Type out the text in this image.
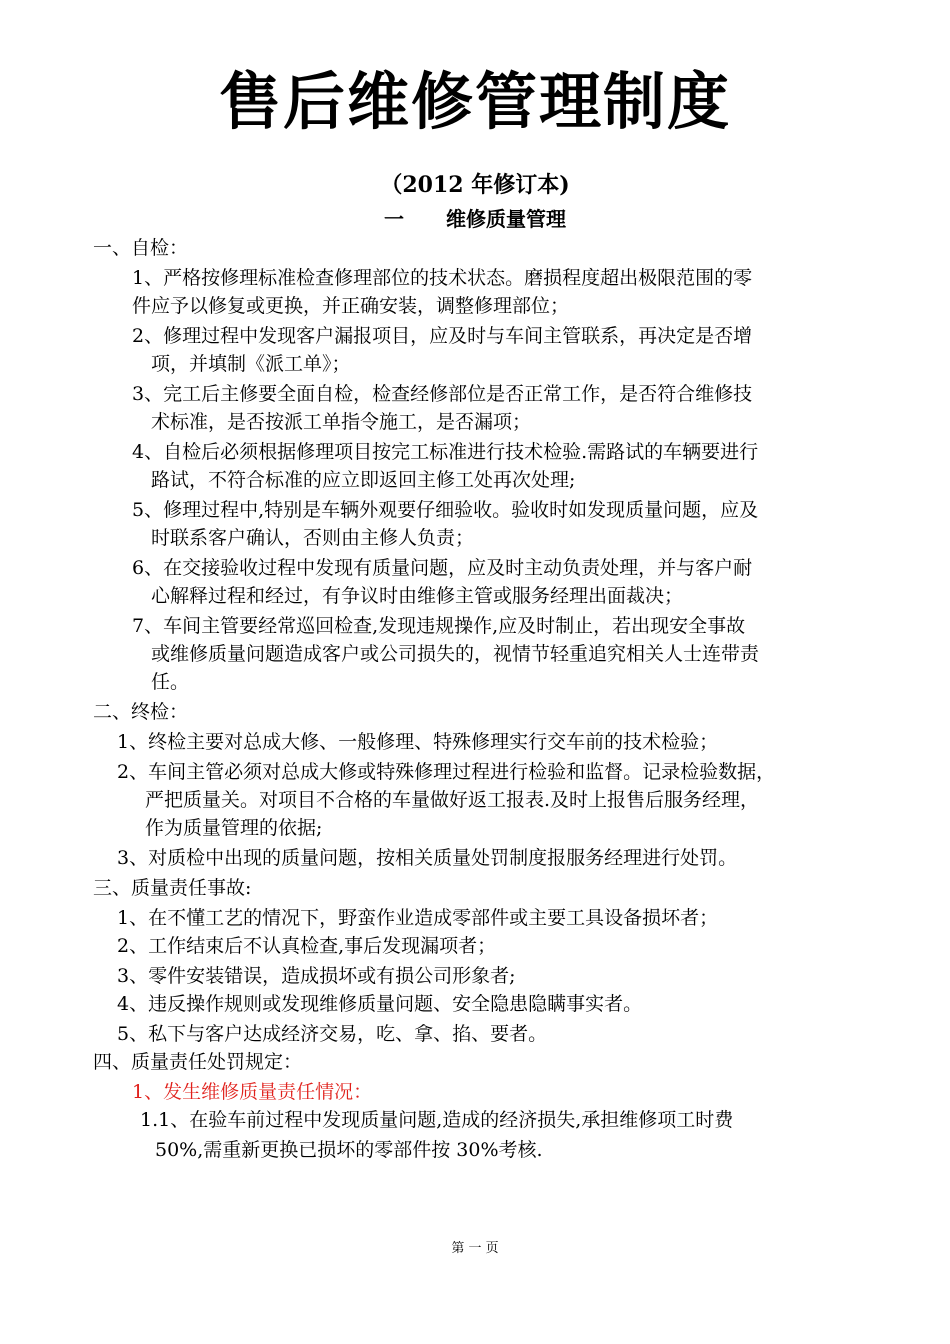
售后维修管理制度
（2012 年修订本)
一 维修质量管理
一、自检：
1、严格按修理标准检查修理部位的技术状态。磨损程度超出极限范围的零
件应予以修复或更换，并正确安装，调整修理部位；
2、修理过程中发现客户漏报项目，应及时与车间主管联系，再决定是否增
项，并填制《派工单》；
3、完工后主修要全面自检，检查经修部位是否正常工作，是否符合维修技
术标准，是否按派工单指令施工，是否漏项；
4、自检后必须根据修理项目按完工标准进行技术检验.需路试的车辆要进行
路试，不符合标准的应立即返回主修工处再次处理;
5、修理过程中,特别是车辆外观要仔细验收。验收时如发现质量问题，应及
时联系客户确认，否则由主修人负责；
6、在交接验收过程中发现有质量问题，应及时主动负责处理，并与客户耐
心解释过程和经过，有争议时由维修主管或服务经理出面裁决；
7、车间主管要经常巡回检查,发现违规操作,应及时制止，若出现安全事故
或维修质量问题造成客户或公司损失的，视情节轻重追究相关人士连带责
任。
二、终检：
1、终检主要对总成大修、一般修理、特殊修理实行交车前的技术检验；
2、车间主管必须对总成大修或特殊修理过程进行检验和监督。记录检验数据，
严把质量关。对项目不合格的车量做好返工报表.及时上报售后服务经理，
作为质量管理的依据;
3、对质检中出现的质量问题，按相关质量处罚制度报服务经理进行处罚。
三、质量责任事故:
1、在不懂工艺的情况下，野蛮作业造成零部件或主要工具设备损坏者；
2、工作结束后不认真检查,事后发现漏项者；
3、零件安装错误，造成损坏或有损公司形象者;
4、违反操作规则或发现维修质量问题、安全隐患隐瞒事实者。
5、私下与客户达成经济交易，吃、拿、掐、要者。
四、质量责任处罚规定：
1、发生维修质量责任情况：
1.1、在验车前过程中发现质量问题,造成的经济损失,承担维修项工时费
50%,需重新更换已损坏的零部件按 30%考核.
第 一 页
